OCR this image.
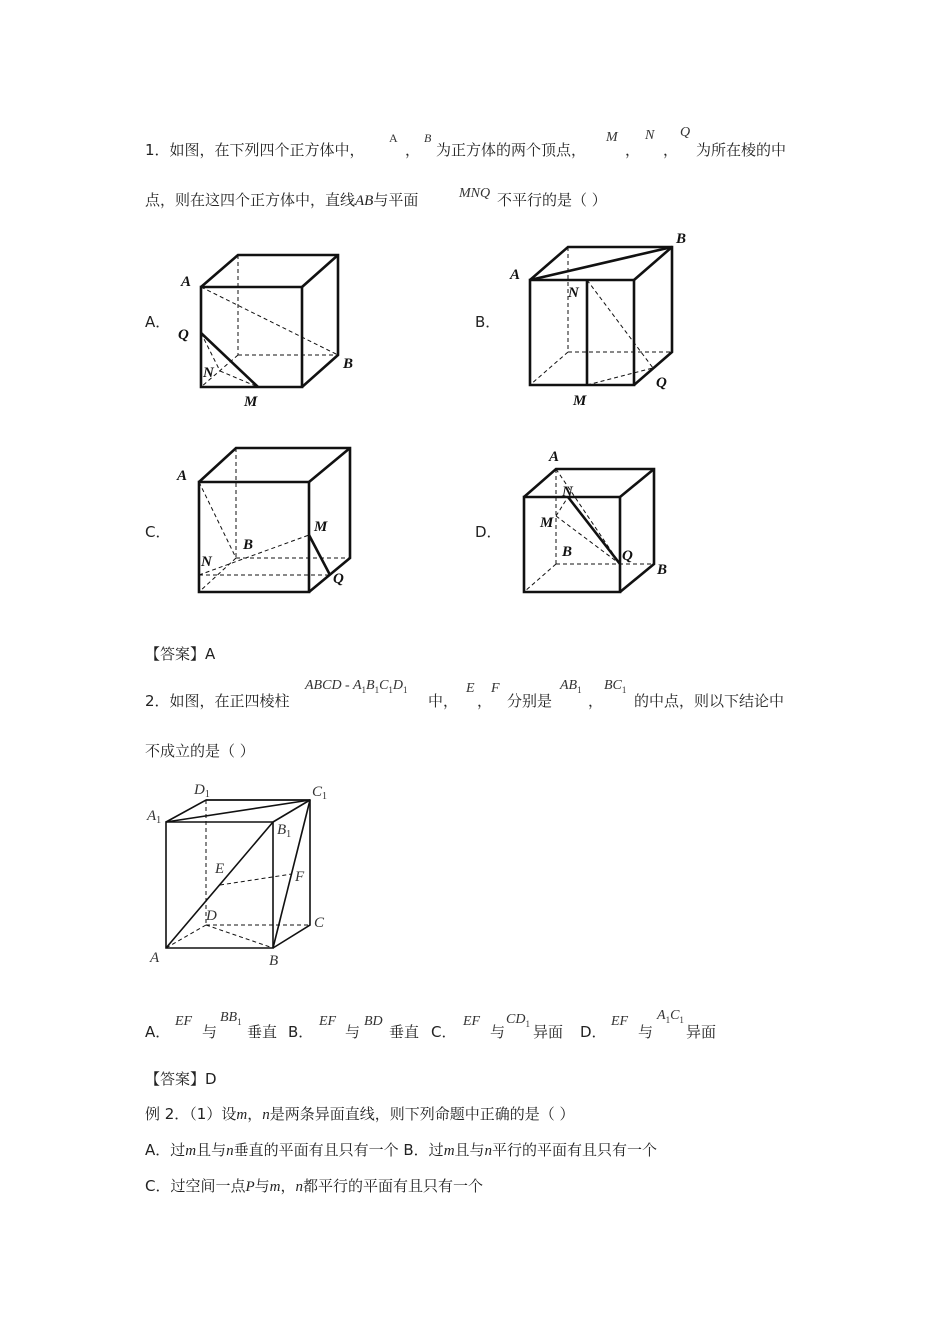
1．如图，在下列四个正方体中，
A
，
B
为正方体的两个顶点，
M
，
N
，
Q
为所在棱的中
点，则在这四个正方体中，直线AB与平面	MNQ 不平行的是（ ）
A．
A
B
Q
N
M
B．
A
B
N
M
Q
C．
A
B
M
N
Q
D．
A
N
M
B	Q
B
【答案】A
2．如图，在正四棱柱
ABCD - $A_1B_1C_1D_1$
中，
E
，
F
分别是
$AB_1$
，
$BC_1$
的中点，则以下结论中
不成立的是（ ）
$D_1$	$C_1$
$A_1$
$B_1$
E	F
D	C
A	B
A．
EF
与
$BB_1$
垂直 B．
EF
与
BD
垂直 C．
EF
与
$CD_1$ 异面 D．
EF
与
$A_1C_1$
异面
【答案】D
例 2．（1）设m，n是两条异面直线，则下列命题中正确的是（ ）
A．过m且与n垂直的平面有且只有一个 B．过m且与n平行的平面有且只有一个
C．过空间一点P与m，n都平行的平面有且只有一个
